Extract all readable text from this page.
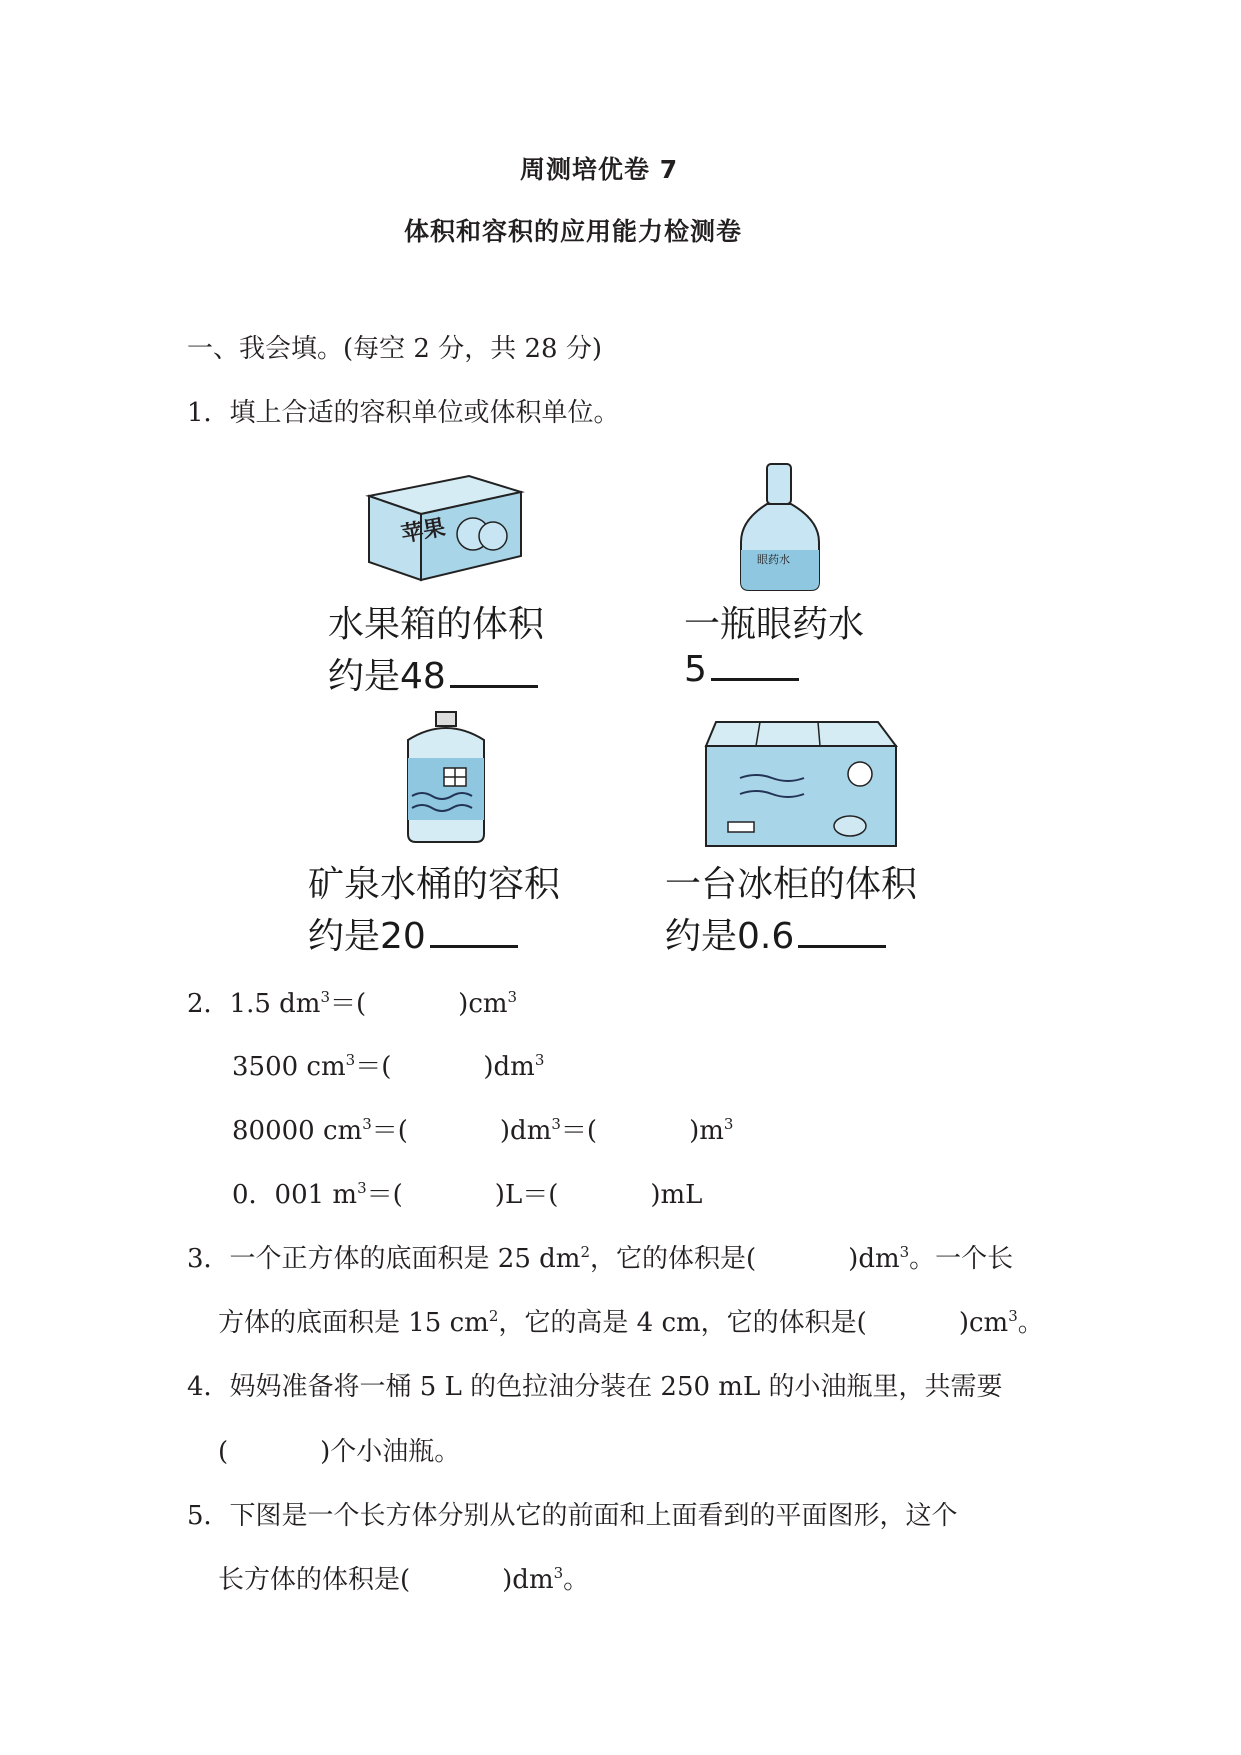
周测培优卷 7
体积和容积的应用能力检测卷
一、我会填。(每空 2 分，共 28 分)
1．填上合适的容积单位或体积单位。
苹果
眼药水
水果箱的体积
约是48
一瓶眼药水
5
矿泉水桶的容积
约是20
一台冰柜的体积
约是0.6
2．1.5 $dm^3=$(	)$cm^3$
3500 $cm^3=$(	)$dm^3$
80000 $cm^3=$(	)$dm^3=$(	)$m^3$
0．001 $m^3=$(	)L＝(	)mL
3．一个正方体的底面积是 25 $dm^2$，它的体积是(	)$dm^3$。一个长
方体的底面积是 15 $cm^2$，它的高是 4 cm，它的体积是(	)$cm^3$。
4．妈妈准备将一桶 5 L 的色拉油分装在 250 mL 的小油瓶里，共需要
(	)个小油瓶。
5．下图是一个长方体分别从它的前面和上面看到的平面图形，这个
长方体的体积是(	)$dm^3$。
